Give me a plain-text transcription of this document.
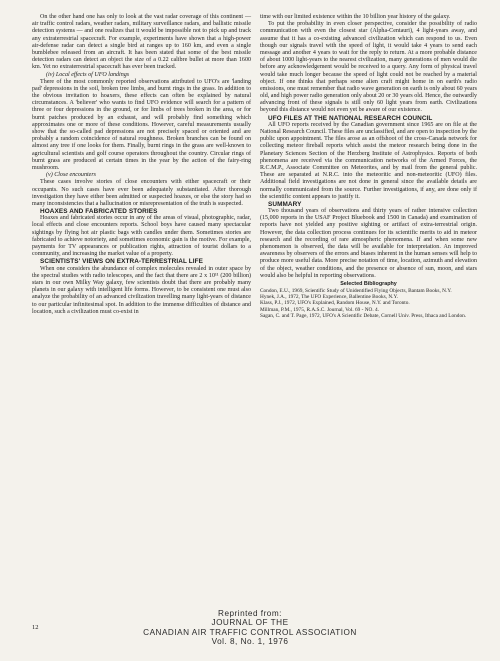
On the other hand one has only to look at the vast radar coverage of this continent — air traffic control radars, weather radars, military surveillance radars, and ballistic missile detection systems — and one realizes that it would be impossible not to pick up and track any extraterrestrial spacecraft. For example, experiments have shown that a high-power air-defense radar can detect a single bird at ranges up to 160 km, and even a single bumblebee released from an aircraft. It has been stated that some of the best missile detection radars can detect an object the size of a 0.22 calibre bullet at more than 1600 km. Yet no extraterrestrial spacecraft has ever been tracked.

(iv) Local effects of UFO landings

There of the most commonly reported observations attributed to UFO's are 'landing pad' depressions in the soil, broken tree limbs, and burnt rings in the grass. In addition to the obvious invitation to hoaxers, these effects can often be explained by natural circumstances. A 'believer' who wants to find UFO evidence will search for a pattern of three or four depressions in the ground, or for limbs of trees broken in the area, or for burnt patches produced by an exhaust, and will probably find something which approximates one or more of these conditions. However, careful measurements usually show that the so-called pad depressions are not precisely spaced or oriented and are probably a random coincidence of natural roughness. Broken branches can be found on almost any tree if one looks for them. Finally, burnt rings in the grass are well-known to agricultural scientists and golf course operators throughout the country. Circular rings of burnt grass are produced at certain times in the year by the action of the fairy-ring mushroom.

(v) Close encounters

These cases involve stories of close encounters with either spacecraft or their occupants. No such cases have ever been adequately substantiated. After thorough investigation they have either been admitted or suspected hoaxes, or else the story had so many inconsistencies that a hallucination or misrepresentation of the truth is suspected.

HOAXES AND FABRICATED STORIES

Hoaxes and fabricated stories occur in any of the areas of visual, photographic, radar, local effects and close encounters reports. School boys have caused many spectacular sightings by flying hot air plastic bags with candles under them. Sometimes stories are fabricated to achieve notoriety, and sometimes economic gain is the motive. For example, payments for TV appearances or publication rights, attraction of tourist dollars to a community, and increasing the market value of a property.

SCIENTISTS' VIEWS ON EXTRA-TERRESTRIAL LIFE

When one considers the abundance of complex molecules revealed in outer space by the spectral studies with radio telescopes, and the fact that there are 2 x 10¹¹ (200 billion) stars in our own Milky Way galaxy, few scientists doubt that there are probably many planets in our galaxy with intelligent life forms. However, to be consistent one must also analyze the probability of an advanced civilization travelling many light-years of distance to our particular infinitesimal spot. In addition to the immense difficulties of distance and location, such a civilization must co-exist in

time with our limited existence within the 10 billion year history of the galaxy.

To put the probability in even closer perspective, consider the possibility of radio communication with even the closest star (Alpha-Centauri), 4 light-years away, and assume that it has a co-existing advanced civilization which can respond to us. Even though our signals travel with the speed of light, it would take 4 years to send each message and another 4 years to wait for the reply to return. At a more probable distance of about 1000 light-years to the nearest civilization, many generations of men would die before any acknowledgement would be received to a query. Any form of physical travel would take much longer because the speed of light could not be reached by a material object. If one thinks that perhaps some alien craft might home in on earth's radio emissions, one must remember that radio wave generation on earth is only about 60 years old, and high power radio generation only about 20 or 30 years old. Hence, the outwardly advancing front of these signals is still only 60 light years from earth. Civilizations beyond this distance would not even yet be aware of our existence.

UFO FILES AT THE NATIONAL RESEARCH COUNCIL

All UFO reports received by the Canadian government since 1965 are on file at the National Research Council. These files are unclassified, and are open to inspection by the public upon appointment. The files arose as an offshoot of the cross-Canada network for collecting meteor fireball reports which assist the meteor research being done in the Planetary Sciences Section of the Herzberg Institute of Astrophysics. Reports of both phenomena are received via the communication networks of the Armed Forces, the R.C.M.P., Associate Committee on Meteorites, and by mail from the general public. These are separated at N.R.C. into the meteoritic and non-meteoritic (UFO) files. Additional field investigations are not done in general since the available details are normally communicated from the source. Further investigations, if any, are done only if the scientific content appears to justify it.

SUMMARY

Two thousand years of observations and thirty years of rather intensive collection (15,000 reports in the USAF Project Bluebook and 1500 in Canada) and examination of reports have not yielded any positive sighting or artifact of extra-terrestrial origin. However, the data collection process continues for its scientific merits to aid in meteor research and the recording of rare atmospheric phenomena. If and when some new phenomenon is observed, the data will be available for interpretation. An improved awareness by observers of the errors and biases inherent in the human senses will help to produce more useful data. More precise notation of time, location, azimuth and elevation of the object, weather conditions, and the presence or absence of sun, moon, and stars would also be helpful in reporting observations.

Selected Bibliography
Condon, E.U., 1969, Scientific Study of Unidentified Flying Objects, Bantam Books, N.Y.
Hynek, J.A., 1972, The UFO Experience, Ballentine Books, N.Y.
Klass, P.J., 1972, UFO's Explained, Random House, N.Y. and Toronto.
Millman, P.M., 1975, R.A.S.C. Journal, Vol. 69 - NO. 4.
Sagan, C. and T. Page, 1972, UFO's A Scientific Debate, Cornell Univ. Press, Ithaca and London.
12
Reprinted from:
JOURNAL OF THE
CANADIAN AIR TRAFFIC CONTROL ASSOCIATION
Vol. 8, No. 1, 1976
